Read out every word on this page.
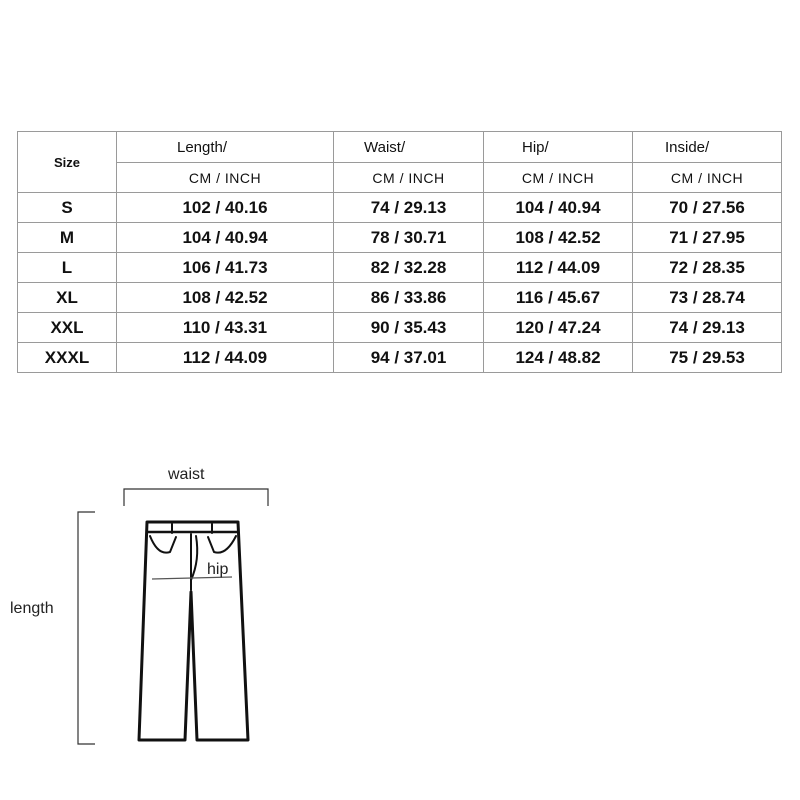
Size	Length/	Waist/	Hip/	Inside/
	CM / INCH	CM / INCH	CM / INCH	CM / INCH
S	102 / 40.16	74 / 29.13	104 / 40.94	70 / 27.56
M	104 / 40.94	78 / 30.71	108 / 42.52	71 / 27.95
L	106 / 41.73	82 / 32.28	112 / 44.09	72 / 28.35
XL	108 / 42.52	86 / 33.86	116 / 45.67	73 / 28.74
XXL	110 / 43.31	90 / 35.43	120 / 47.24	74 / 29.13
XXXL	112 / 44.09	94 / 37.01	124 / 48.82	75 / 29.53
waist
length
hip
